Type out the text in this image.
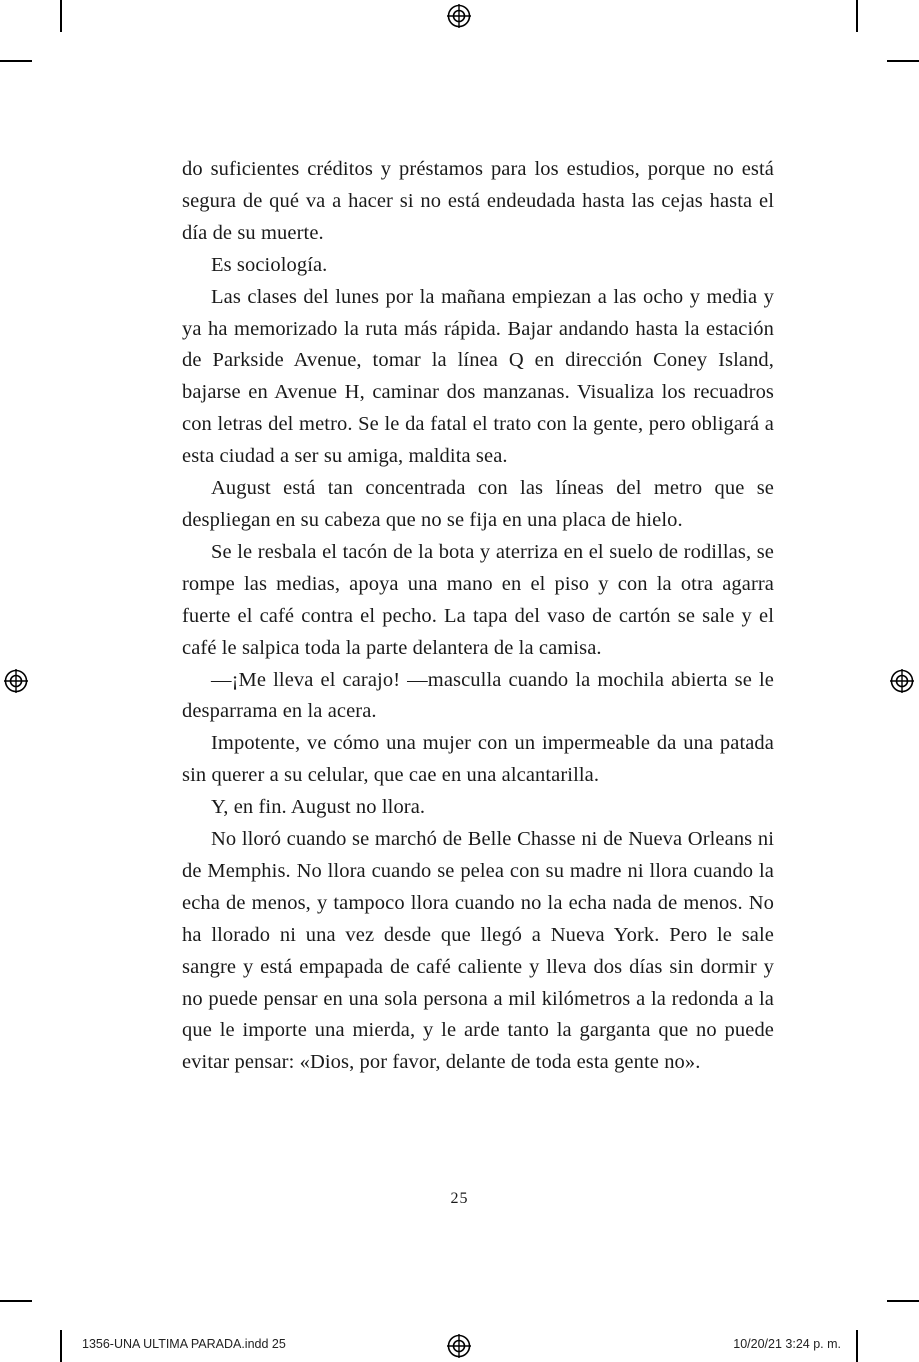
do suficientes créditos y préstamos para los estudios, porque no está segura de qué va a hacer si no está endeudada hasta las cejas hasta el día de su muerte.

Es sociología.

Las clases del lunes por la mañana empiezan a las ocho y media y ya ha memorizado la ruta más rápida. Bajar andando hasta la estación de Parkside Avenue, tomar la línea Q en dirección Coney Island, bajarse en Avenue H, caminar dos manzanas. Visualiza los recuadros con letras del metro. Se le da fatal el trato con la gente, pero obligará a esta ciudad a ser su amiga, maldita sea.

August está tan concentrada con las líneas del metro que se despliegan en su cabeza que no se fija en una placa de hielo.

Se le resbala el tacón de la bota y aterriza en el suelo de rodillas, se rompe las medias, apoya una mano en el piso y con la otra agarra fuerte el café contra el pecho. La tapa del vaso de cartón se sale y el café le salpica toda la parte delantera de la camisa.

—¡Me lleva el carajo! —masculla cuando la mochila abierta se le desparrama en la acera.

Impotente, ve cómo una mujer con un impermeable da una patada sin querer a su celular, que cae en una alcantarilla.

Y, en fin. August no llora.

No lloró cuando se marchó de Belle Chasse ni de Nueva Orleans ni de Memphis. No llora cuando se pelea con su madre ni llora cuando la echa de menos, y tampoco llora cuando no la echa nada de menos. No ha llorado ni una vez desde que llegó a Nueva York. Pero le sale sangre y está empapada de café caliente y lleva dos días sin dormir y no puede pensar en una sola persona a mil kilómetros a la redonda a la que le importe una mierda, y le arde tanto la garganta que no puede evitar pensar: «Dios, por favor, delante de toda esta gente no».

25
1356-UNA ULTIMA PARADA.indd 25	10/20/21 3:24 p. m.
